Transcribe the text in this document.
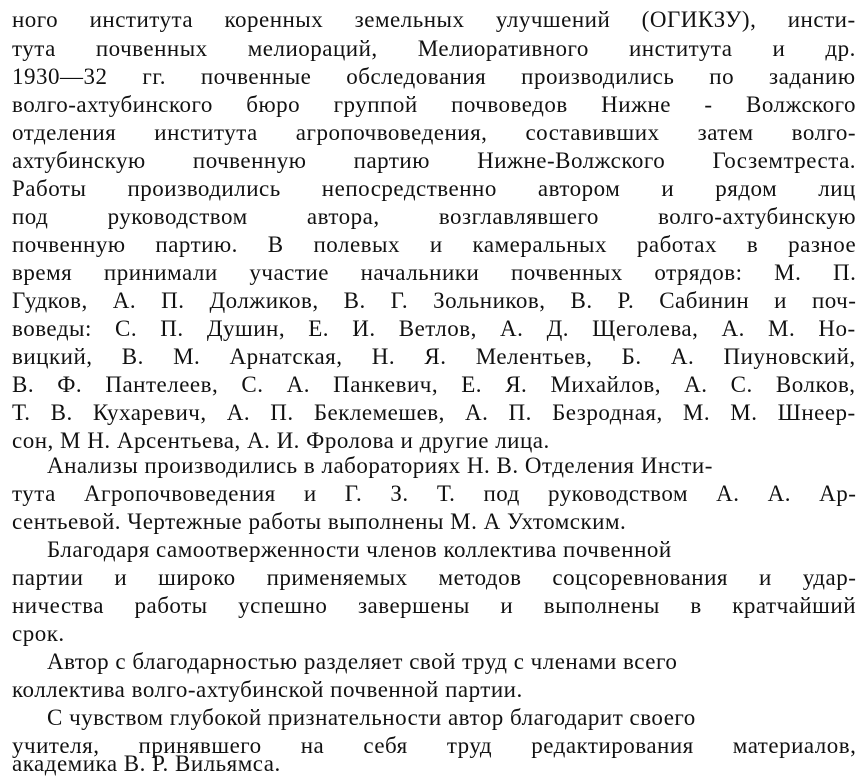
ного института коренных земельных улучшений (ОГИКЗУ), инсти-
тута почвенных мелиораций, Мелиоративного института и др.
1930—32 гг. почвенные обследования производились по заданию
волго-ахтубинского бюро группой почвоведов Нижне - Волжского
отделения института агропочвоведения, составивших затем волго-
ахтубинскую почвенную партию Нижне-Волжского Госземтреста.
Работы производились непосредственно автором и рядом лиц
под руководством автора, возглавлявшего волго-ахтубинскую
почвенную партию. В полевых и камеральных работах в разное
время принимали участие начальники почвенных отрядов: М. П.
Гудков, А. П. Должиков, В. Г. Зольников, В. Р. Сабинин и поч-
воведы: С. П. Душин, Е. И. Ветлов, А. Д. Щеголева, А. М. Но-
вицкий, В. М. Арнатская, Н. Я. Мелентьев, Б. А. Пиуновский,
В. Ф. Пантелеев, С. А. Панкевич, Е. Я. Михайлов, А. С. Волков,
Т. В. Кухаревич, А. П. Беклемешев, А. П. Безродная, М. М. Шнеер-
сон, М Н. Арсентьева, А. И. Фролова и другие лица.
Анализы производились в лабораториях Н. В. Отделения Инсти-
тута Агропочвоведения и Г. З. Т. под руководством А. А. Ар-
сентьевой. Чертежные работы выполнены М. А Ухтомским.
Благодаря самоотверженности членов коллектива почвенной
партии и широко применяемых методов соцсоревнования и удар-
ничества работы успешно завершены и выполнены в кратчайший
срок.
Автор с благодарностью разделяет свой труд с членами всего
коллектива волго-ахтубинской почвенной партии.
С чувством глубокой признательности автор благодарит своего
учителя, принявшего на себя труд редактирования материалов,
академика В. Р. Вильямса.
